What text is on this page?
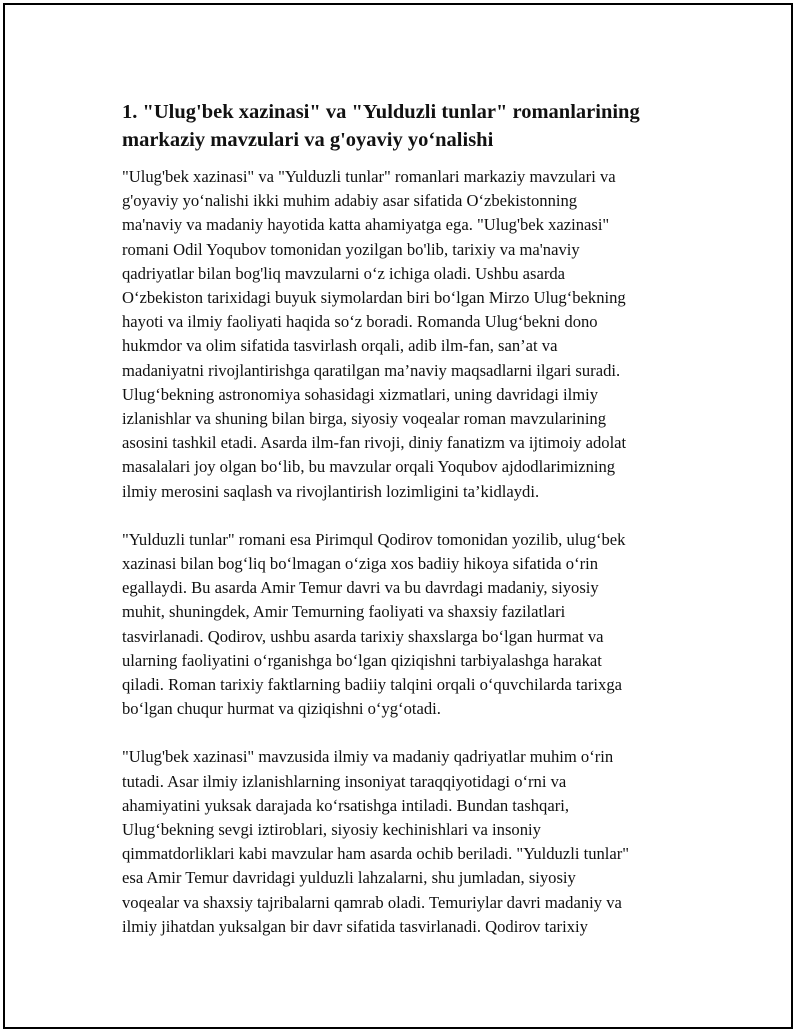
1. "Ulug'bek xazinasi" va "Yulduzli tunlar" romanlarining
markaziy mavzulari va g'oyaviy yo‘nalishi
"Ulug'bek xazinasi" va "Yulduzli tunlar" romanlari markaziy mavzulari va
g'oyaviy yo‘nalishi ikki muhim adabiy asar sifatida O‘zbekistonning
ma'naviy va madaniy hayotida katta ahamiyatga ega. "Ulug'bek xazinasi"
romani Odil Yoqubov tomonidan yozilgan bo'lib, tarixiy va ma'naviy
qadriyatlar bilan bog'liq mavzularni o‘z ichiga oladi. Ushbu asarda
O‘zbekiston tarixidagi buyuk siymolardan biri bo‘lgan Mirzo Ulug‘bekning
hayoti va ilmiy faoliyati haqida so‘z boradi. Romanda Ulug‘bekni dono
hukmdor va olim sifatida tasvirlash orqali, adib ilm-fan, san’at va
madaniyatni rivojlantirishga qaratilgan ma’naviy maqsadlarni ilgari suradi.
Ulug‘bekning astronomiya sohasidagi xizmatlari, uning davridagi ilmiy
izlanishlar va shuning bilan birga, siyosiy voqealar roman mavzularining
asosini tashkil etadi. Asarda ilm-fan rivoji, diniy fanatizm va ijtimoiy adolat
masalalari joy olgan bo‘lib, bu mavzular orqali Yoqubov ajdodlarimizning
ilmiy merosini saqlash va rivojlantirish lozimligini ta’kidlaydi.
"Yulduzli tunlar" romani esa Pirimqul Qodirov tomonidan yozilib, ulug‘bek
xazinasi bilan bog‘liq bo‘lmagan o‘ziga xos badiiy hikoya sifatida o‘rin
egallaydi. Bu asarda Amir Temur davri va bu davrdagi madaniy, siyosiy
muhit, shuningdek, Amir Temurning faoliyati va shaxsiy fazilatlari
tasvirlanadi. Qodirov, ushbu asarda tarixiy shaxslarga bo‘lgan hurmat va
ularning faoliyatini o‘rganishga bo‘lgan qiziqishni tarbiyalashga harakat
qiladi. Roman tarixiy faktlarning badiiy talqini orqali o‘quvchilarda tarixga
bo‘lgan chuqur hurmat va qiziqishni o‘yg‘otadi.
"Ulug'bek xazinasi" mavzusida ilmiy va madaniy qadriyatlar muhim o‘rin
tutadi. Asar ilmiy izlanishlarning insoniyat taraqqiyotidagi o‘rni va
ahamiyatini yuksak darajada ko‘rsatishga intiladi. Bundan tashqari,
Ulug‘bekning sevgi iztiroblari, siyosiy kechinishlari va insoniy
qimmatdorliklari kabi mavzular ham asarda ochib beriladi. "Yulduzli tunlar"
esa Amir Temur davridagi yulduzli lahzalarni, shu jumladan, siyosiy
voqealar va shaxsiy tajribalarni qamrab oladi. Temuriylar davri madaniy va
ilmiy jihatdan yuksalgan bir davr sifatida tasvirlanadi. Qodirov tarixiy
